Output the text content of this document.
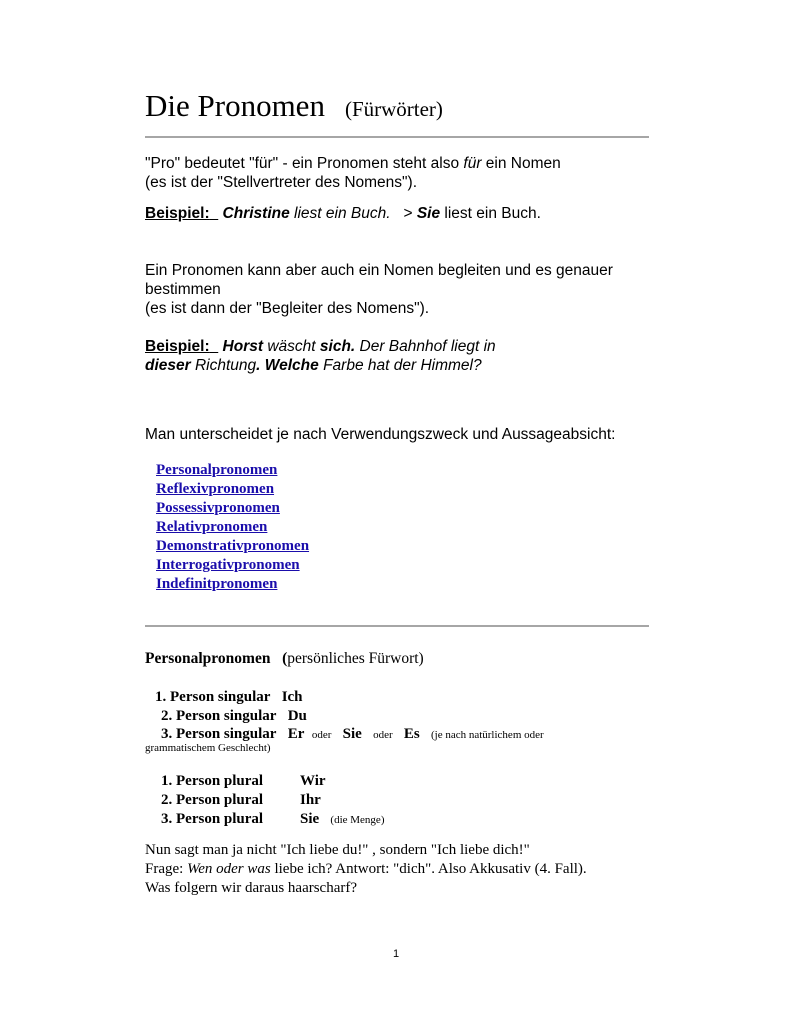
Die Pronomen (Fürwörter)
"Pro" bedeutet "für" - ein Pronomen steht also für ein Nomen
(es ist der "Stellvertreter des Nomens").
Beispiel: Christine liest ein Buch. > Sie liest ein Buch.
Ein Pronomen kann aber auch ein Nomen begleiten und es genauer
bestimmen
(es ist dann der "Begleiter des Nomens").
Beispiel: Horst wäscht sich. Der Bahnhof liegt in
dieser Richtung. Welche Farbe hat der Himmel?
Man unterscheidet je nach Verwendungszweck und Aussageabsicht:
Personalpronomen
Reflexivpronomen
Possessivpronomen
Relativpronomen
Demonstrativpronomen
Interrogativpronomen
Indefinitpronomen
Personalpronomen (persönliches Fürwort)
1. Person singular Ich
2. Person singular Du
3. Person singular Er oder Sie oder Es (je nach natürlichem oder
grammatischem Geschlecht)
1. Person plural Wir
2. Person plural Ihr
3. Person plural Sie (die Menge)
Nun sagt man ja nicht "Ich liebe du!" , sondern "Ich liebe dich!"
Frage: Wen oder was liebe ich? Antwort: "dich". Also Akkusativ (4. Fall).
Was folgern wir daraus haarscharf?
1
